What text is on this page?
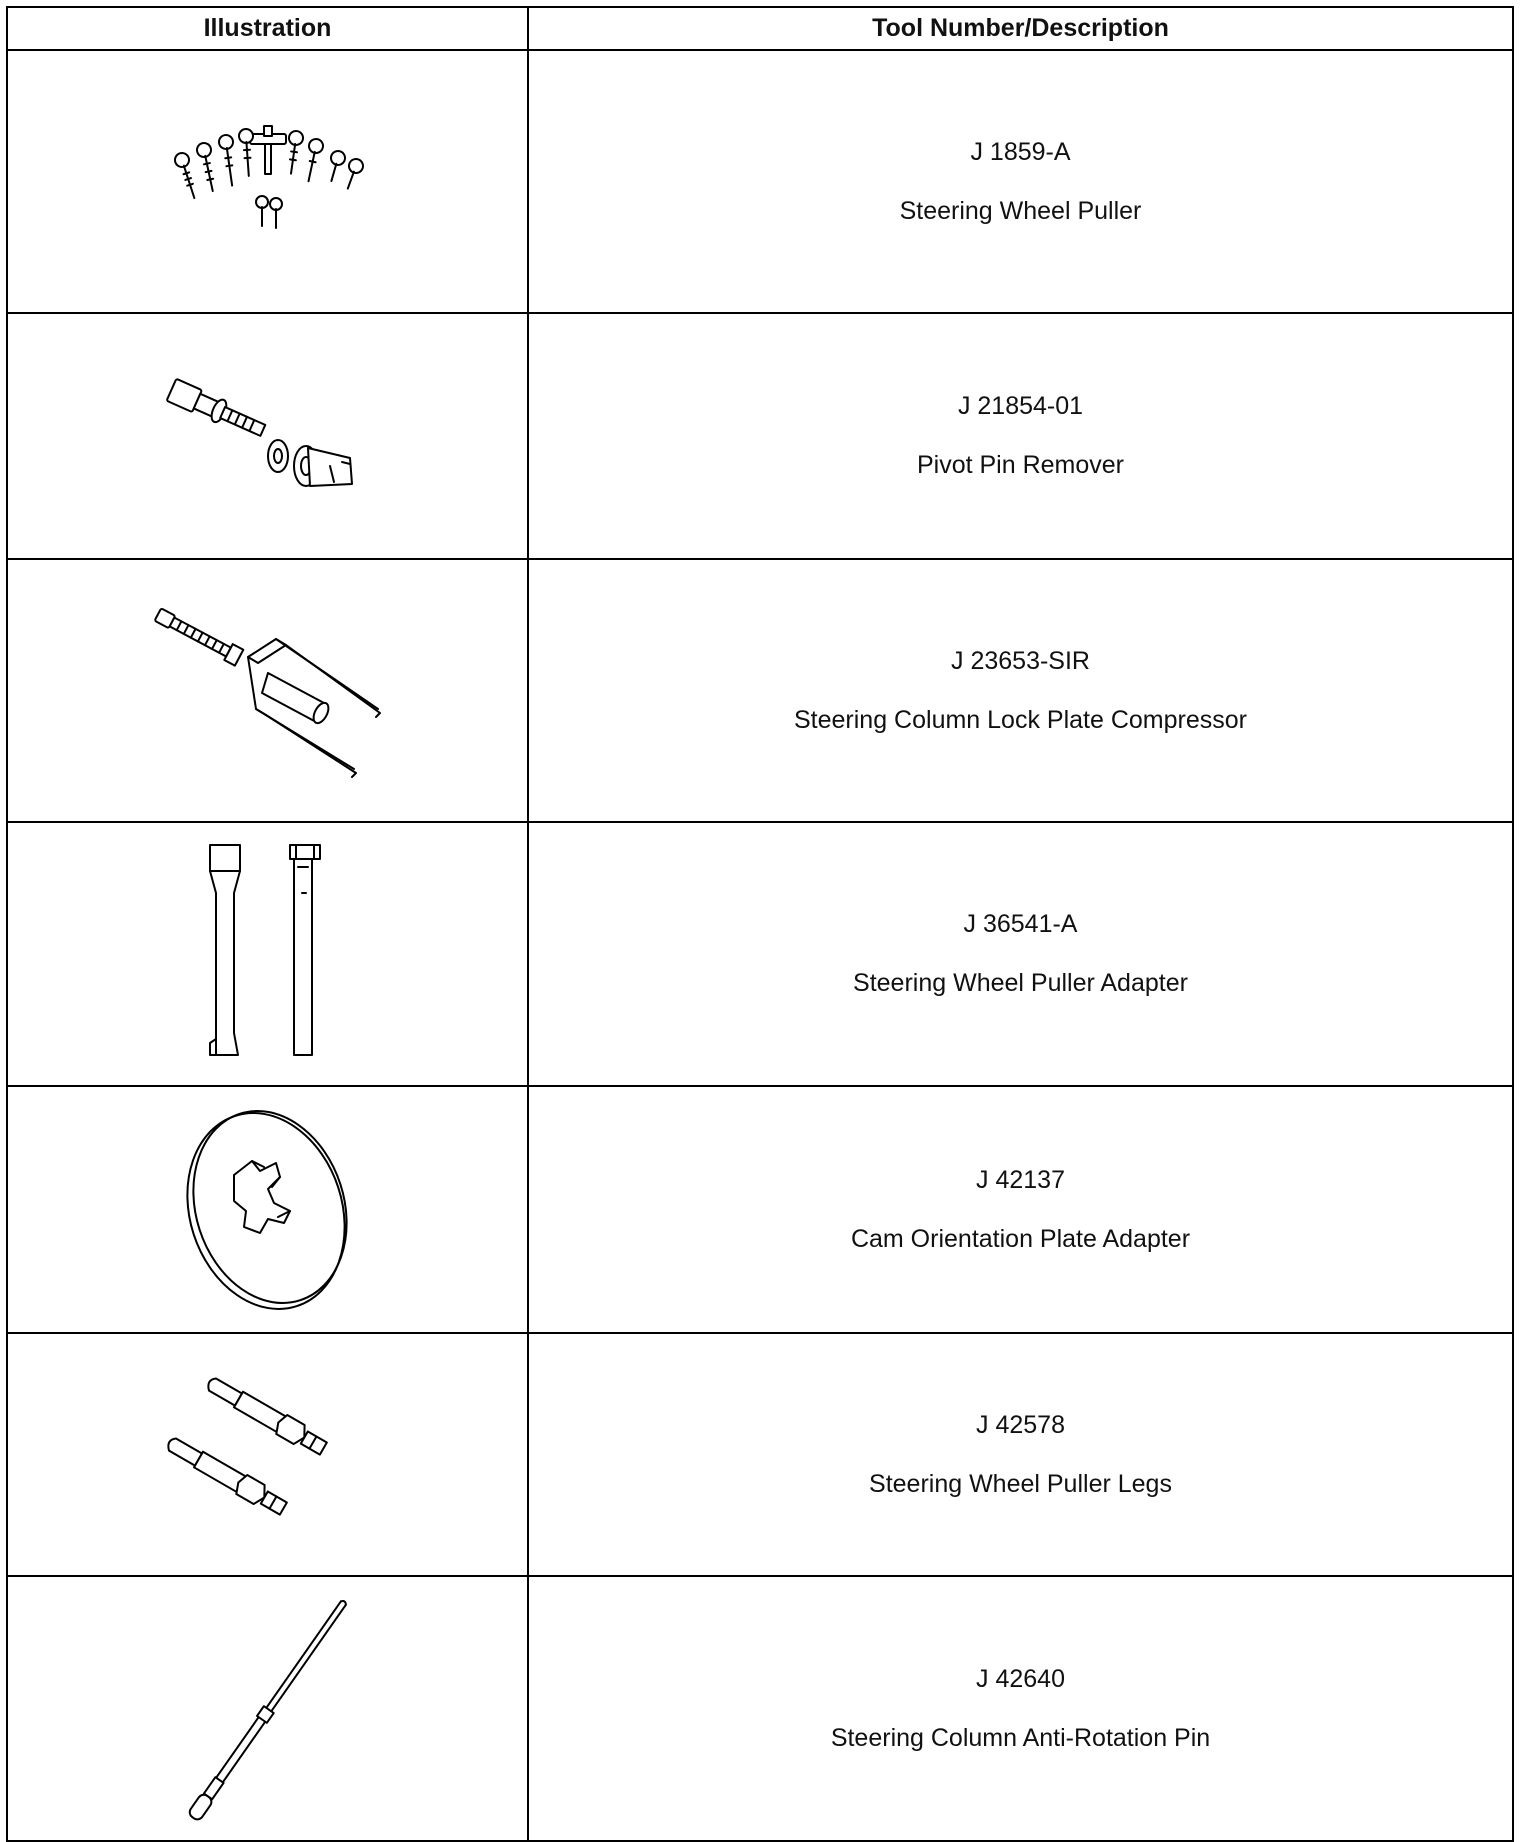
Illustration	Tool Number/Description

J 1859-A
Steering Wheel Puller

J 21854-01
Pivot Pin Remover

J 23653-SIR
Steering Column Lock Plate Compressor

J 36541-A
Steering Wheel Puller Adapter

J 42137
Cam Orientation Plate Adapter

J 42578
Steering Wheel Puller Legs

J 42640
Steering Column Anti-Rotation Pin
